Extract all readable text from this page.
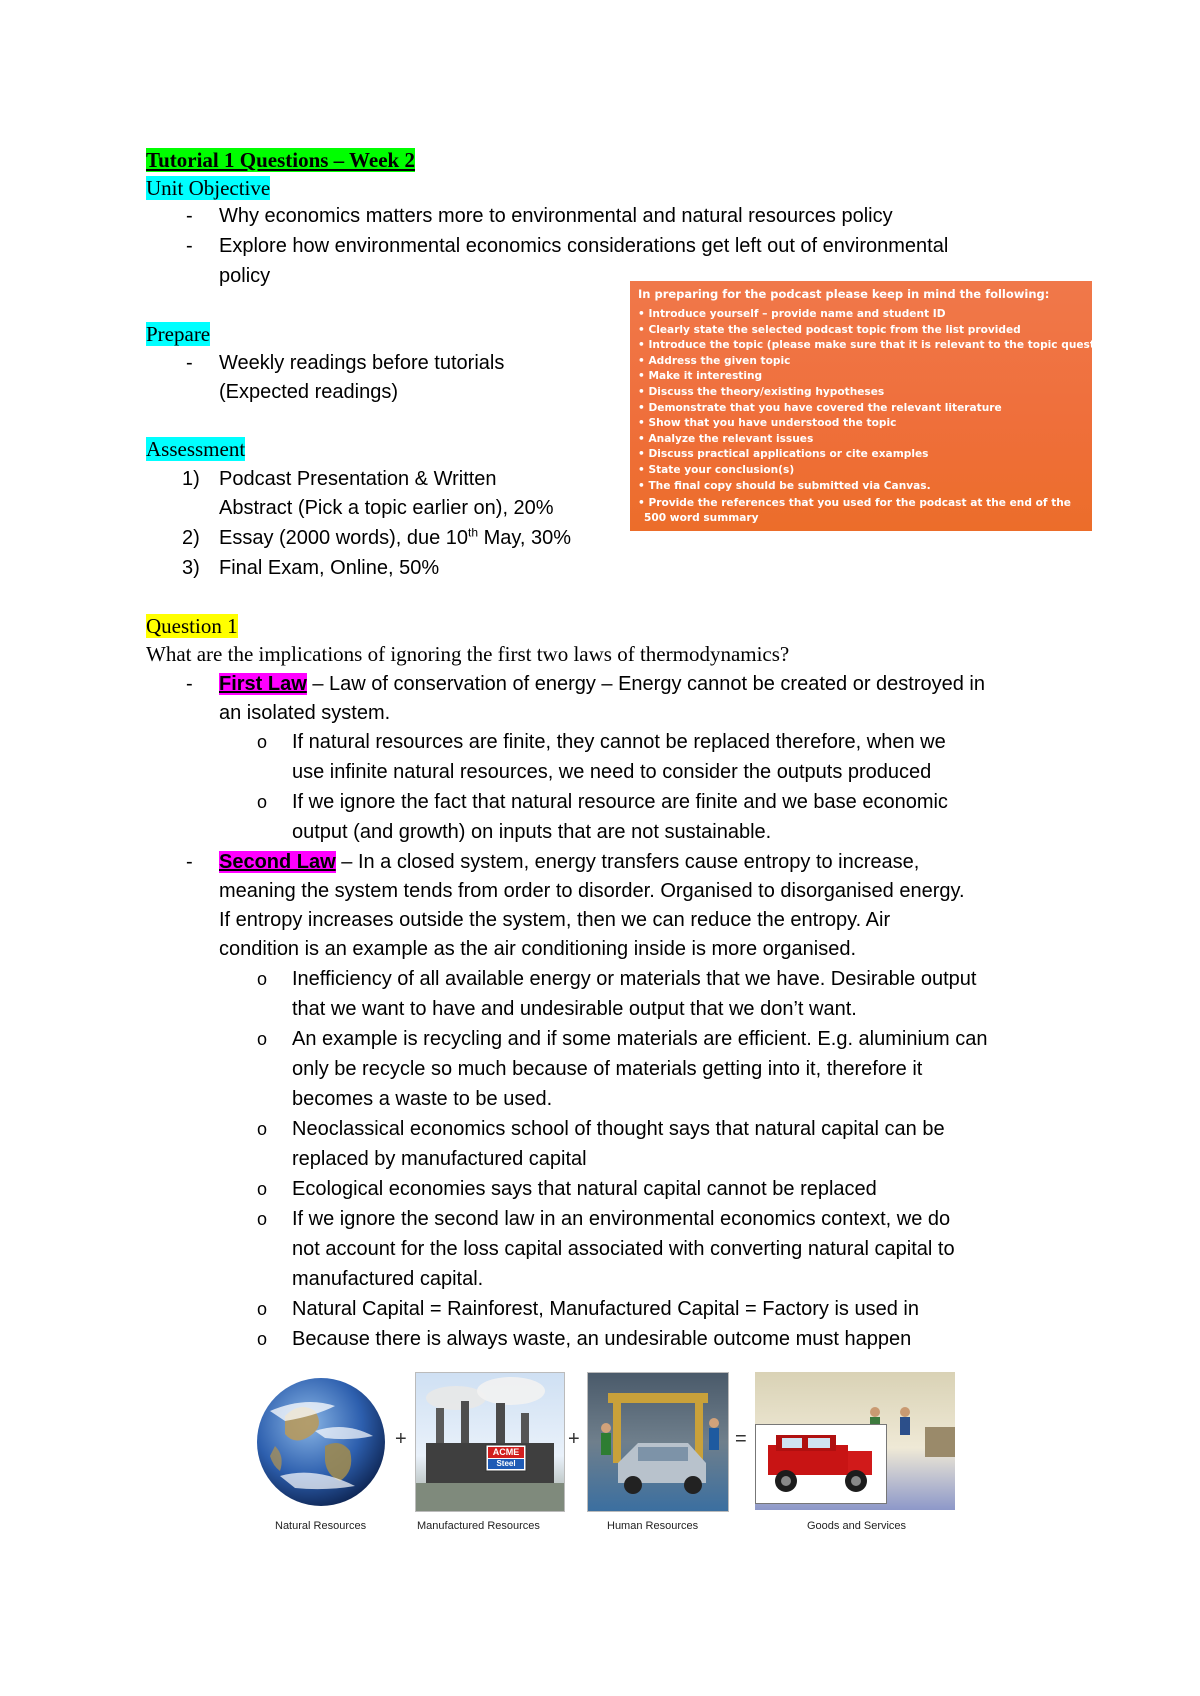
Tutorial 1 Questions – Week 2
Unit Objective
- Why economics matters more to environmental and natural resources policy
- Explore how environmental economics considerations get left out of environmental
policy
Prepare
- Weekly readings before tutorials
(Expected readings)
Assessment
1) Podcast Presentation & Written
Abstract (Pick a topic earlier on), 20%
2) Essay (2000 words), due 10th May, 30%
3) Final Exam, Online, 50%
In preparing for the podcast please keep in mind the following:
• Introduce yourself – provide name and student ID
• Clearly state the selected podcast topic from the list provided
• Introduce the topic (please make sure that it is relevant to the topic question)
• Address the given topic
• Make it interesting
• Discuss the theory/existing hypotheses
• Demonstrate that you have covered the relevant literature
• Show that you have understood the topic
• Analyze the relevant issues
• Discuss practical applications or cite examples
• State your conclusion(s)
• The final copy should be submitted via Canvas.
• Provide the references that you used for the podcast at the end of the
500 word summary
Question 1
What are the implications of ignoring the first two laws of thermodynamics?
- First Law – Law of conservation of energy – Energy cannot be created or destroyed in
an isolated system.
o If natural resources are finite, they cannot be replaced therefore, when we
use infinite natural resources, we need to consider the outputs produced
o If we ignore the fact that natural resource are finite and we base economic
output (and growth) on inputs that are not sustainable.
- Second Law – In a closed system, energy transfers cause entropy to increase,
meaning the system tends from order to disorder. Organised to disorganised energy.
If entropy increases outside the system, then we can reduce the entropy. Air
condition is an example as the air conditioning inside is more organised.
o Inefficiency of all available energy or materials that we have. Desirable output
that we want to have and undesirable output that we don’t want.
o An example is recycling and if some materials are efficient. E.g. aluminium can
only be recycle so much because of materials getting into it, therefore it
becomes a waste to be used.
o Neoclassical economics school of thought says that natural capital can be
replaced by manufactured capital
o Ecological economies says that natural capital cannot be replaced
o If we ignore the second law in an environmental economics context, we do
not account for the loss capital associated with converting natural capital to
manufactured capital.
o Natural Capital = Rainforest, Manufactured Capital = Factory is used in
o Because there is always waste, an undesirable outcome must happen
+
ACME
Steel
+	=
Natural Resources	Manufactured Resources	Human Resources	Goods and Services
